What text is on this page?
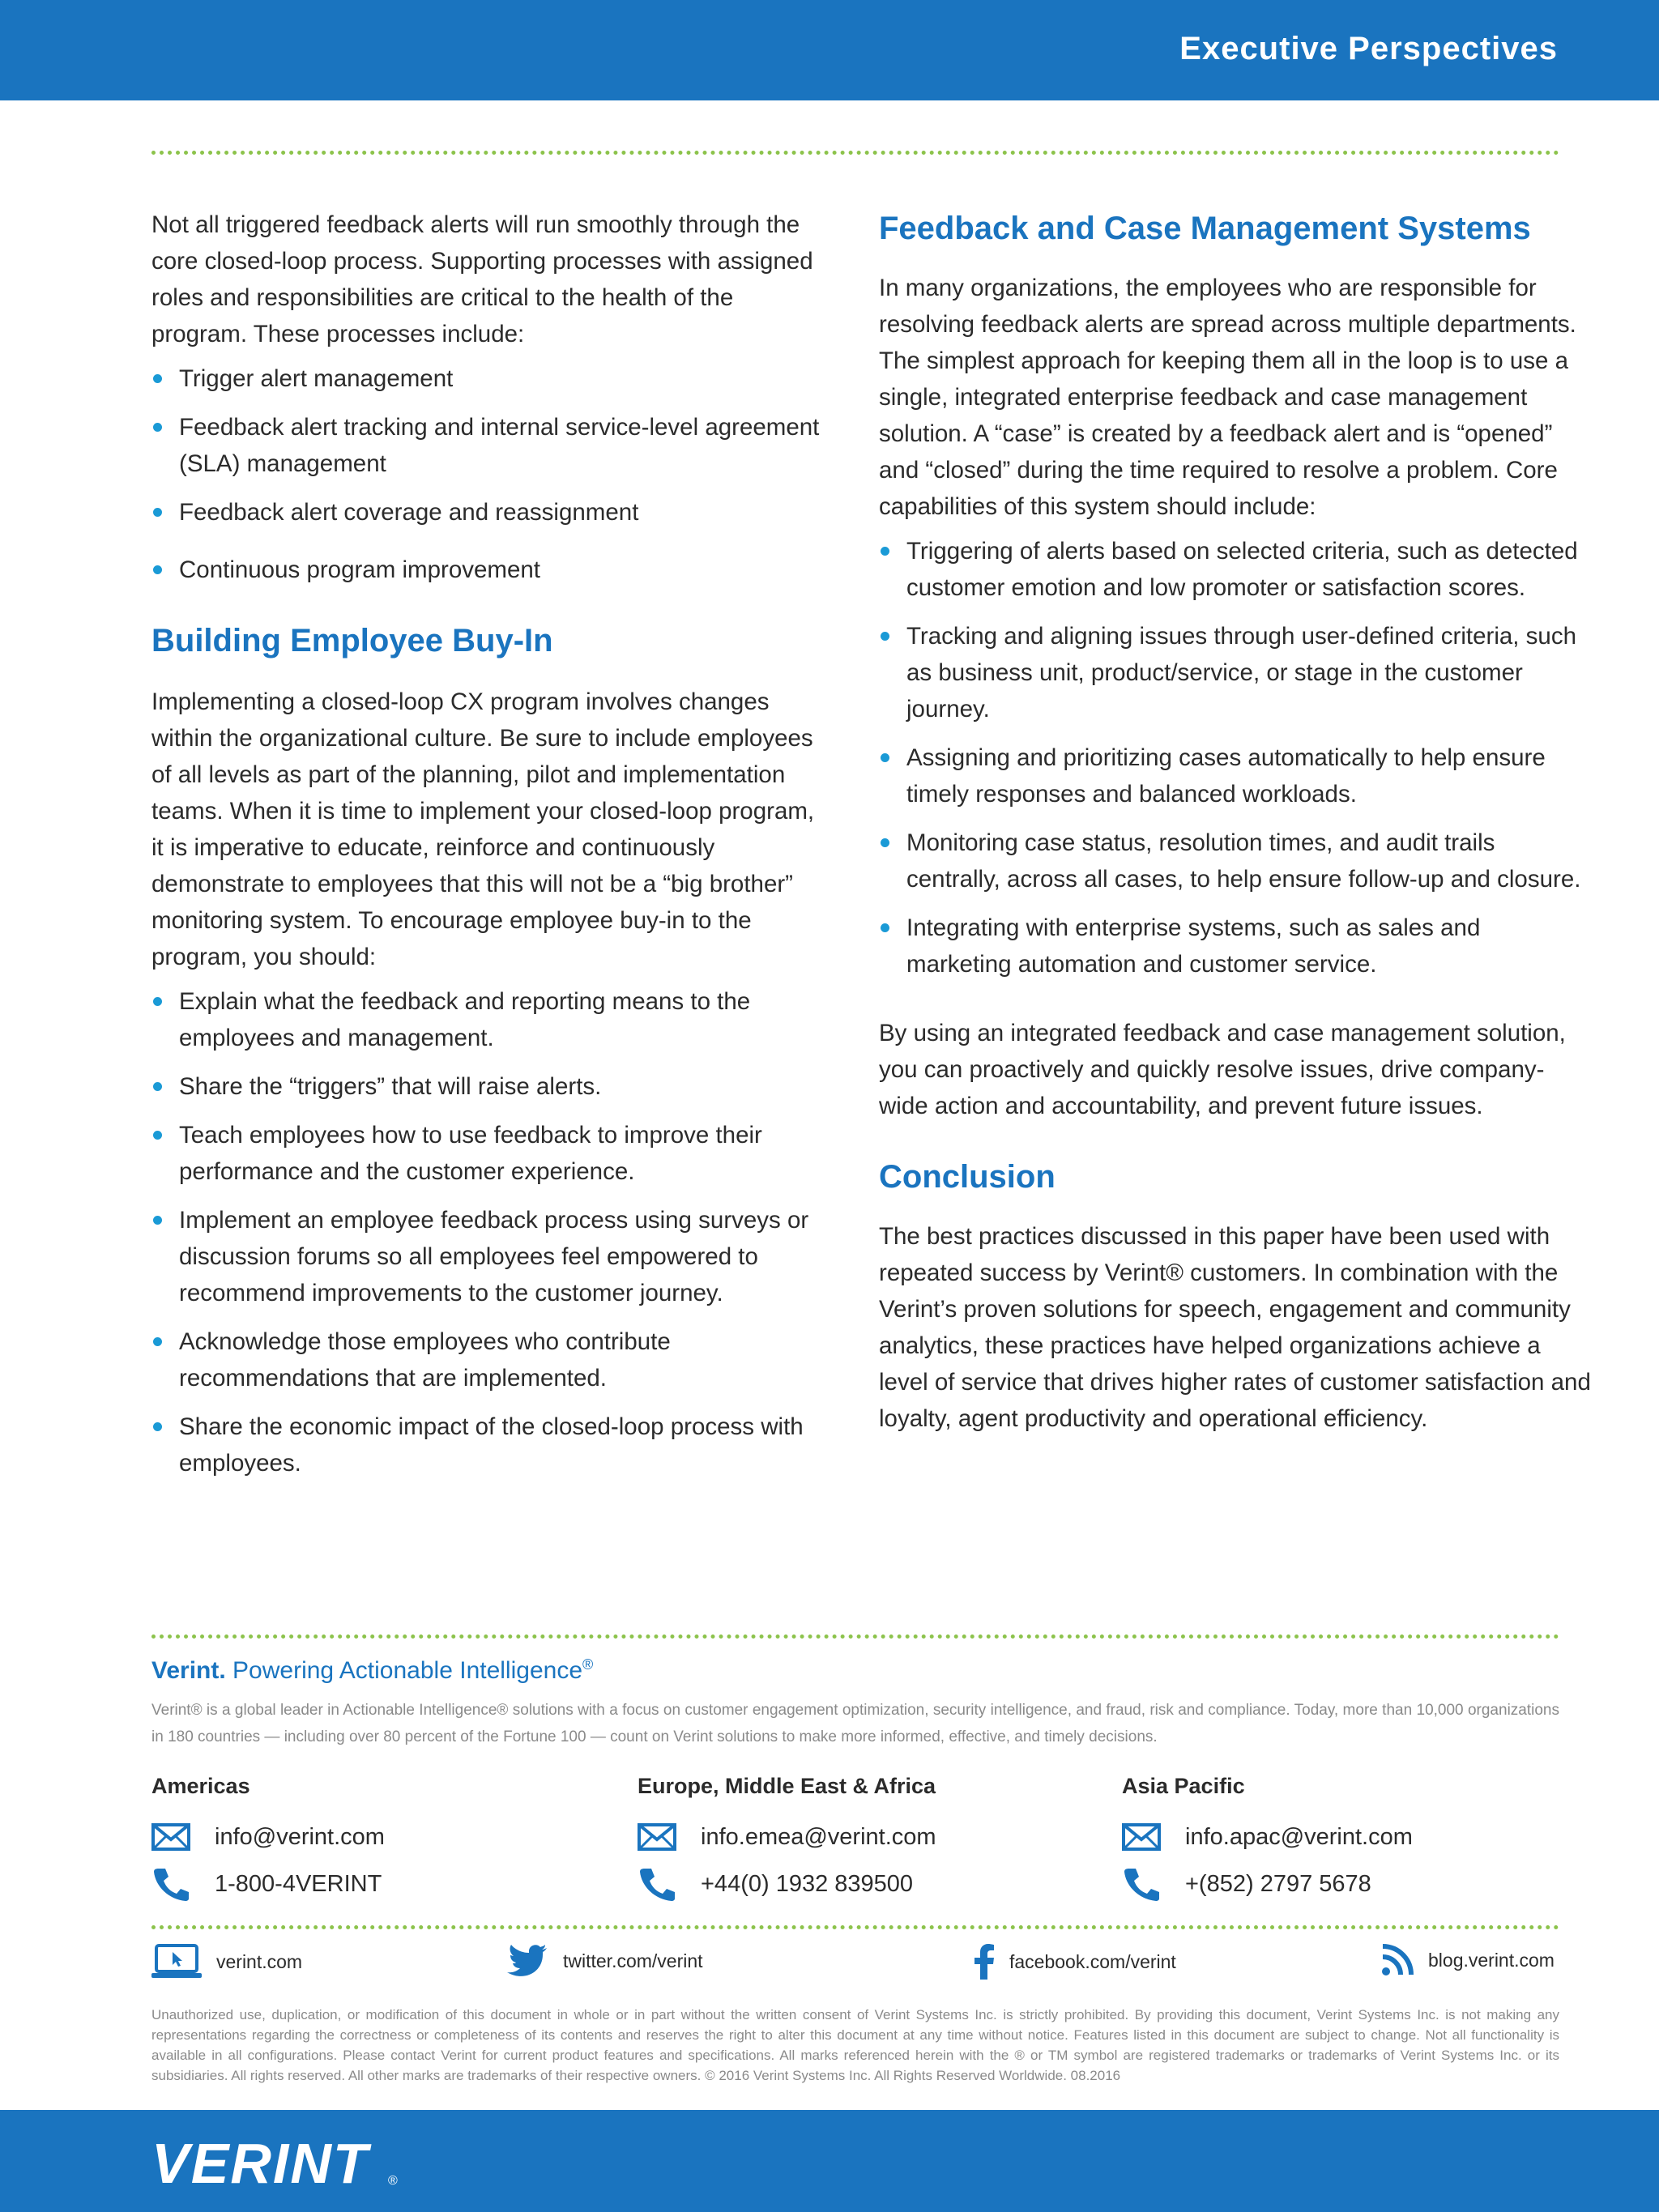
Executive Perspectives

Not all triggered feedback alerts will run smoothly through the core closed-loop process. Supporting processes with assigned roles and responsibilities are critical to the health of the program. These processes include:

Trigger alert management
Feedback alert tracking and internal service-level agreement (SLA) management
Feedback alert coverage and reassignment
Continuous program improvement
Building Employee Buy-In

Implementing a closed-loop CX program involves changes within the organizational culture. Be sure to include employees of all levels as part of the planning, pilot and implementation teams. When it is time to implement your closed-loop program, it is imperative to educate, reinforce and continuously demonstrate to employees that this will not be a “big brother” monitoring system. To encourage employee buy-in to the program, you should:

Explain what the feedback and reporting means to the employees and management.
Share the “triggers” that will raise alerts.
Teach employees how to use feedback to improve their performance and the customer experience.
Implement an employee feedback process using surveys or discussion forums so all employees feel empowered to recommend improvements to the customer journey.
Acknowledge those employees who contribute recommendations that are implemented.
Share the economic impact of the closed-loop process with employees.
Feedback and Case Management Systems

In many organizations, the employees who are responsible for resolving feedback alerts are spread across multiple departments. The simplest approach for keeping them all in the loop is to use a single, integrated enterprise feedback and case management solution. A “case” is created by a feedback alert and is “opened” and “closed” during the time required to resolve a problem. Core capabilities of this system should include:

Triggering of alerts based on selected criteria, such as detected customer emotion and low promoter or satisfaction scores.
Tracking and aligning issues through user-defined criteria, such as business unit, product/service, or stage in the customer journey.
Assigning and prioritizing cases automatically to help ensure timely responses and balanced workloads.
Monitoring case status, resolution times, and audit trails centrally, across all cases, to help ensure follow-up and closure.
Integrating with enterprise systems, such as sales and marketing automation and customer service.

By using an integrated feedback and case management solution, you can proactively and quickly resolve issues, drive company-wide action and accountability, and prevent future issues.

Conclusion

The best practices discussed in this paper have been used with repeated success by Verint® customers. In combination with the Verint’s proven solutions for speech, engagement and community analytics, these practices have helped organizations achieve a level of service that drives higher rates of customer satisfaction and loyalty, agent productivity and operational efficiency.

Verint. Powering Actionable Intelligence®
Verint® is a global leader in Actionable Intelligence® solutions with a focus on customer engagement optimization, security intelligence, and fraud, risk and compliance. Today, more than 10,000 organizations in 180 countries — including over 80 percent of the Fortune 100 — count on Verint solutions to make more informed, effective, and timely decisions.
Americas
info@verint.com
1-800-4VERINT
Europe, Middle East & Africa
info.emea@verint.com
+44(0) 1932 839500
Asia Pacific
info.apac@verint.com
+(852) 2797 5678
verint.com	twitter.com/verint	facebook.com/verint	blog.verint.com
Unauthorized use, duplication, or modification of this document in whole or in part without the written consent of Verint Systems Inc. is strictly prohibited. By providing this document, Verint Systems Inc. is not making any representations regarding the correctness or completeness of its contents and reserves the right to alter this document at any time without notice. Features listed in this document are subject to change. Not all functionality is available in all configurations. Please contact Verint for current product features and specifications. All marks referenced herein with the ® or TM symbol are registered trademarks or trademarks of Verint Systems Inc. or its subsidiaries. All rights reserved. All other marks are trademarks of their respective owners. © 2016 Verint Systems Inc. All Rights Reserved Worldwide. 08.2016
VERINT ®
